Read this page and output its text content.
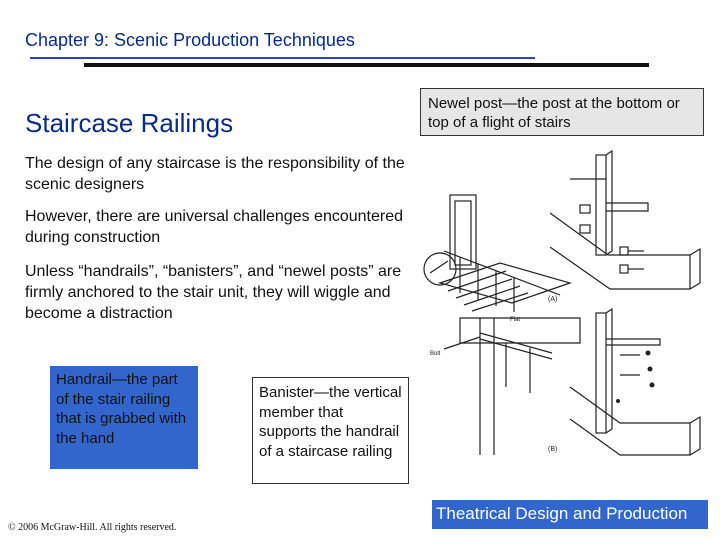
Chapter 9: Scenic Production Techniques
Staircase Railings
Newel post—the post at the bottom or top of a flight of stairs
The design of any staircase is the responsibility of the scenic designers
However, there are universal challenges encountered during construction
Unless “handrails”, “banisters”, and “newel posts” are firmly anchored to the stair unit, they will wiggle and become a distraction
Handrail—the part of the stair railing that is grabbed with the hand
Banister—the vertical member that supports the handrail of a staircase railing
(A)
Flat
Bolt
(B)
Theatrical Design and Production
© 2006 McGraw-Hill. All rights reserved.
